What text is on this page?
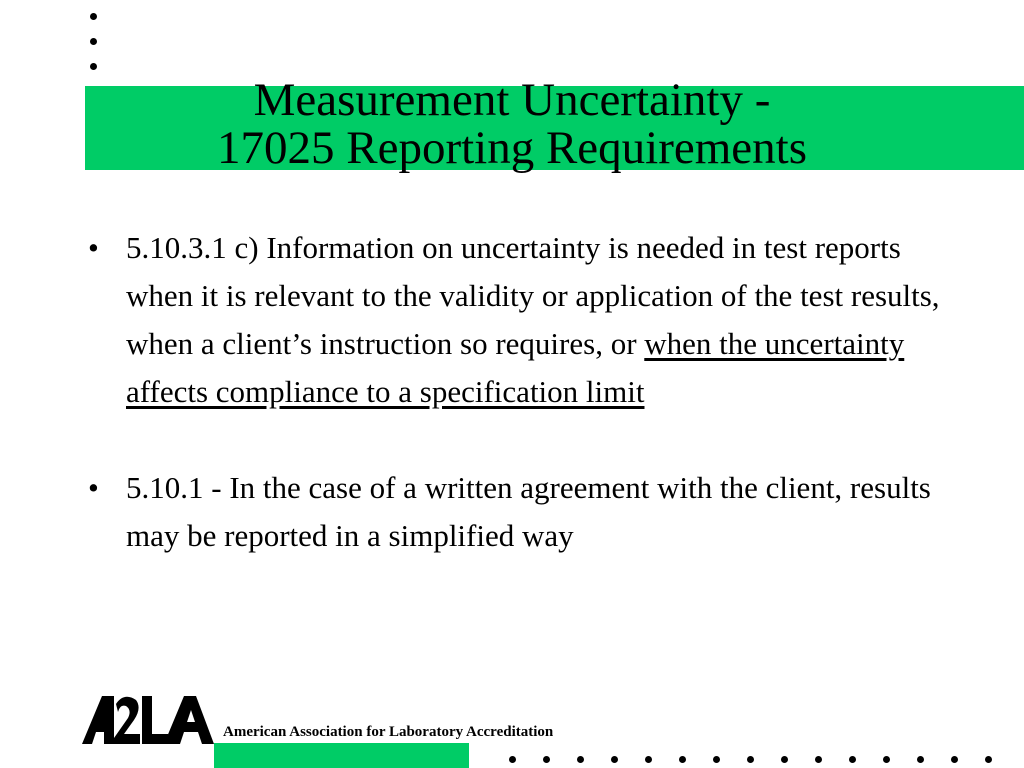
Measurement Uncertainty -
17025 Reporting Requirements
• 5.10.3.1 c) Information on uncertainty is needed in test reports when it is relevant to the validity or application of the test results, when a client’s instruction so requires, or when the uncertainty affects compliance to a specification limit
• 5.10.1 - In the case of a written agreement with the client, results may be reported in a simplified way
American Association for Laboratory Accreditation
